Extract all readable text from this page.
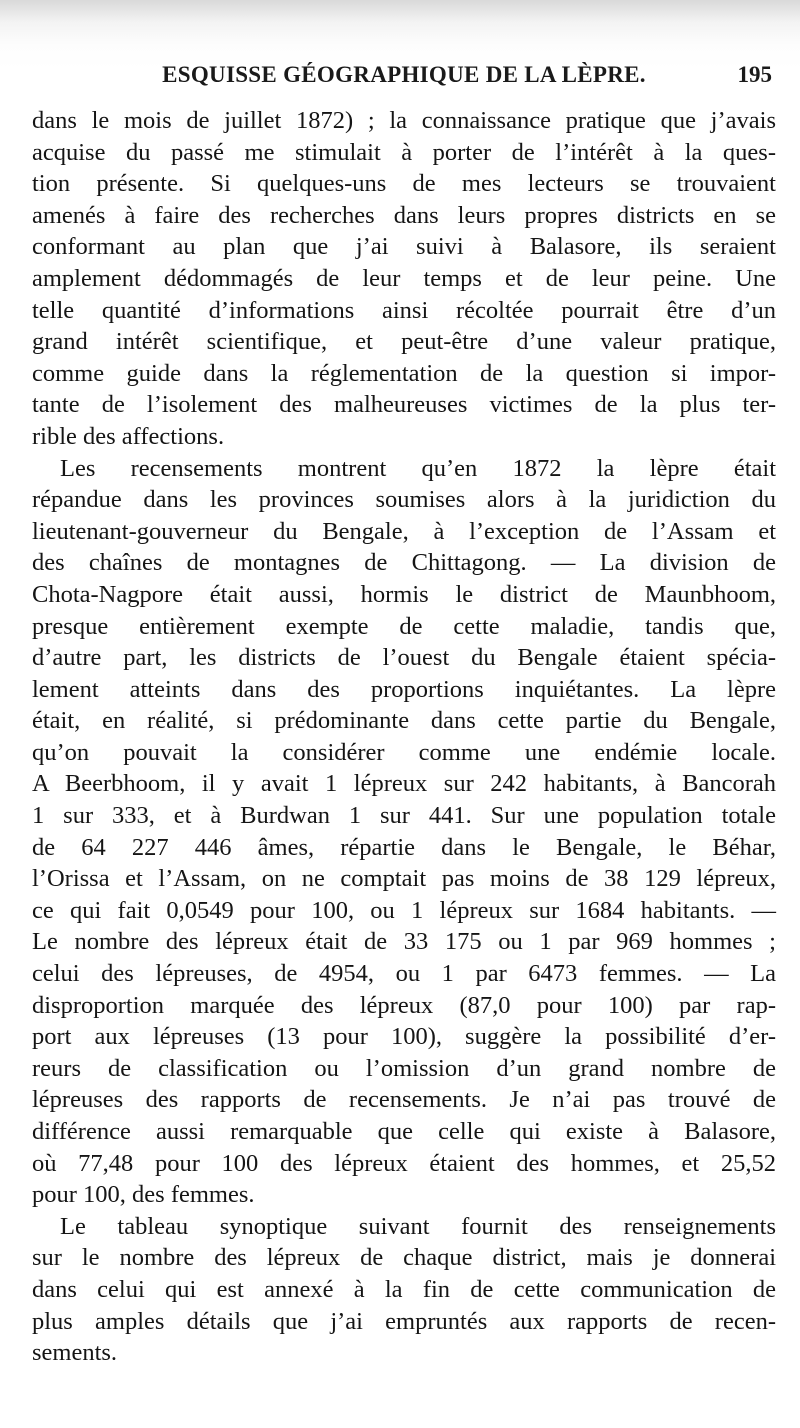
ESQUISSE GÉOGRAPHIQUE DE LA LÈPRE.	195
dans le mois de juillet 1872) ; la connaissance pratique que j’avais
acquise du passé me stimulait à porter de l’intérêt à la ques-
tion présente. Si quelques-uns de mes lecteurs se trouvaient
amenés à faire des recherches dans leurs propres districts en se
conformant au plan que j’ai suivi à Balasore, ils seraient
amplement dédommagés de leur temps et de leur peine. Une
telle quantité d’informations ainsi récoltée pourrait être d’un
grand intérêt scientifique, et peut-être d’une valeur pratique,
comme guide dans la réglementation de la question si impor-
tante de l’isolement des malheureuses victimes de la plus ter-
rible des affections.
Les recensements montrent qu’en 1872 la lèpre était
répandue dans les provinces soumises alors à la juridiction du
lieutenant-gouverneur du Bengale, à l’exception de l’Assam et
des chaînes de montagnes de Chittagong. — La division de
Chota-Nagpore était aussi, hormis le district de Maunbhoom,
presque entièrement exempte de cette maladie, tandis que,
d’autre part, les districts de l’ouest du Bengale étaient spécia-
lement atteints dans des proportions inquiétantes. La lèpre
était, en réalité, si prédominante dans cette partie du Bengale,
qu’on pouvait la considérer comme une endémie locale.
A Beerbhoom, il y avait 1 lépreux sur 242 habitants, à Bancorah
1 sur 333, et à Burdwan 1 sur 441. Sur une population totale
de 64 227 446 âmes, répartie dans le Bengale, le Béhar,
l’Orissa et l’Assam, on ne comptait pas moins de 38 129 lépreux,
ce qui fait 0,0549 pour 100, ou 1 lépreux sur 1684 habitants. —
Le nombre des lépreux était de 33 175 ou 1 par 969 hommes ;
celui des lépreuses, de 4954, ou 1 par 6473 femmes. — La
disproportion marquée des lépreux (87,0 pour 100) par rap-
port aux lépreuses (13 pour 100), suggère la possibilité d’er-
reurs de classification ou l’omission d’un grand nombre de
lépreuses des rapports de recensements. Je n’ai pas trouvé de
différence aussi remarquable que celle qui existe à Balasore,
où 77,48 pour 100 des lépreux étaient des hommes, et 25,52
pour 100, des femmes.
Le tableau synoptique suivant fournit des renseignements
sur le nombre des lépreux de chaque district, mais je donnerai
dans celui qui est annexé à la fin de cette communication de
plus amples détails que j’ai empruntés aux rapports de recen-
sements.
